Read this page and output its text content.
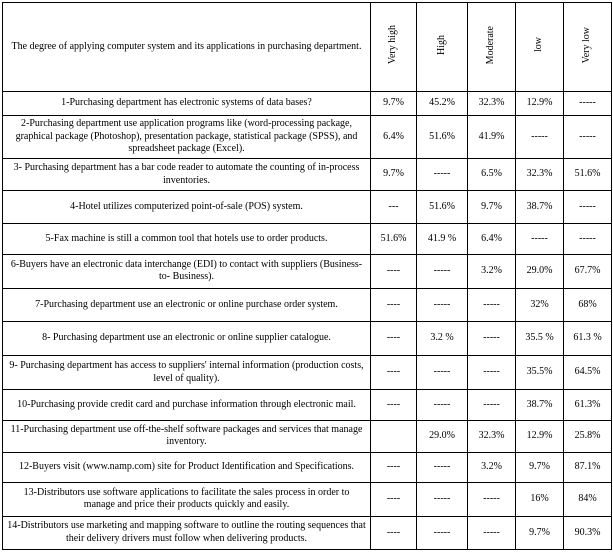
The degree of applying computer system and its applications in purchasing department.	Very high	High	Moderate	low	Very low
1-Purchasing department has electronic systems of data bases?	9.7%	45.2%	32.3%	12.9%	-----
2-Purchasing department use application programs like (word-processing package, graphical package (Photoshop), presentation package, statistical package (SPSS), and spreadsheet package (Excel).	6.4%	51.6%	41.9%	-----	-----
3- Purchasing department has a bar code reader to automate the counting of in-process inventories.	9.7%	-----	6.5%	32.3%	51.6%
4-Hotel utilizes computerized point-of-sale (POS) system.	---	51.6%	9.7%	38.7%	-----
5-Fax machine is still a common tool that hotels use to order products.	51.6%	41.9 %	6.4%	-----	-----
6-Buyers have an electronic data interchange (EDI) to contact with suppliers (Business- to- Business).	----	-----	3.2%	29.0%	67.7%
7-Purchasing department use an electronic or online purchase order system.	----	-----	-----	32%	68%
8- Purchasing department use an electronic or online supplier catalogue.	----	3.2 %	-----	35.5 %	61.3 %
9- Purchasing department has access to suppliers' internal information (production costs, level of quality).	----	-----	-----	35.5%	64.5%
10-Purchasing provide credit card and purchase information through electronic mail.	----	-----	-----	38.7%	61.3%
11-Purchasing department use off-the-shelf software packages and services that manage inventory.		29.0%	32.3%	12.9%	25.8%
12-Buyers visit (www.namp.com) site for Product Identification and Specifications.	----	-----	3.2%	9.7%	87.1%
13-Distributors use software applications to facilitate the sales process in order to manage and price their products quickly and easily.	----	-----	-----	16%	84%
14-Distributors use marketing and mapping software to outline the routing sequences that their delivery drivers must follow when delivering products.	----	-----	-----	9.7%	90.3%
